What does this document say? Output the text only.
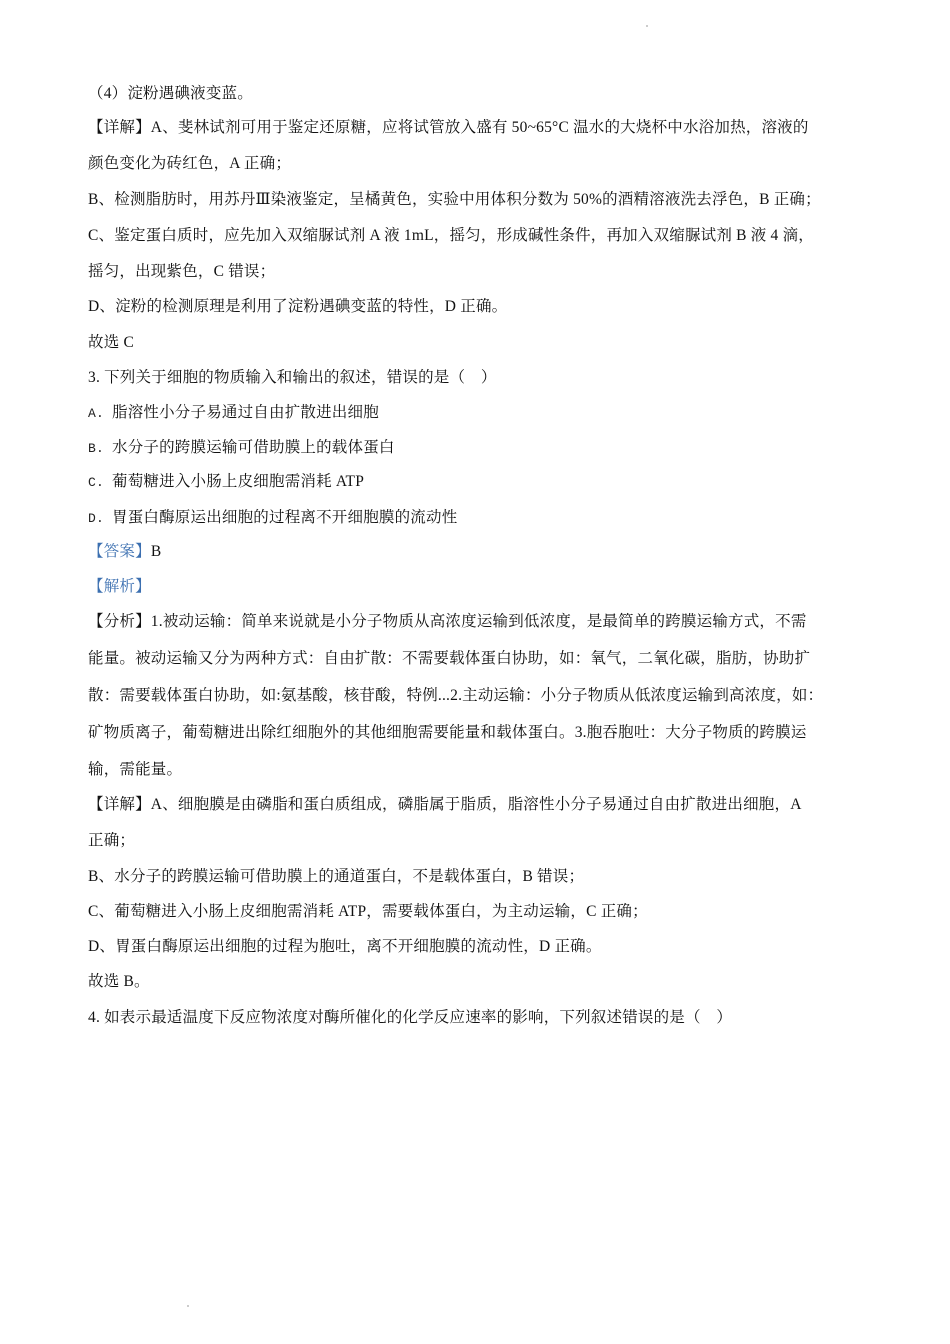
（4）淀粉遇碘液变蓝。
【详解】A、斐林试剂可用于鉴定还原糖，应将试管放入盛有 50~65°C 温水的大烧杯中水浴加热，溶液的
颜色变化为砖红色，A 正确；
B、检测脂肪时，用苏丹Ⅲ染液鉴定，呈橘黄色，实验中用体积分数为 50%的酒精溶液洗去浮色，B 正确；
C、鉴定蛋白质时，应先加入双缩脲试剂 A 液 1mL，摇匀，形成碱性条件，再加入双缩脲试剂 B 液 4 滴，
摇匀，出现紫色，C 错误；
D、淀粉的检测原理是利用了淀粉遇碘变蓝的特性，D 正确。
故选 C
3. 下列关于细胞的物质输入和输出的叙述，错误的是（　）
A. 脂溶性小分子易通过自由扩散进出细胞
B. 水分子的跨膜运输可借助膜上的载体蛋白
C. 葡萄糖进入小肠上皮细胞需消耗 ATP
D. 胃蛋白酶原运出细胞的过程离不开细胞膜的流动性
【答案】B
【解析】
【分析】1.被动运输：简单来说就是小分子物质从高浓度运输到低浓度，是最简单的跨膜运输方式，不需
能量。被动运输又分为两种方式：自由扩散：不需要载体蛋白协助，如：氧气，二氧化碳，脂肪，协助扩
散：需要载体蛋白协助，如:氨基酸，核苷酸，特例...2.主动运输：小分子物质从低浓度运输到高浓度，如：
矿物质离子，葡萄糖进出除红细胞外的其他细胞需要能量和载体蛋白。3.胞吞胞吐：大分子物质的跨膜运
输，需能量。
【详解】A、细胞膜是由磷脂和蛋白质组成，磷脂属于脂质，脂溶性小分子易通过自由扩散进出细胞，A
正确；
B、水分子的跨膜运输可借助膜上的通道蛋白，不是载体蛋白，B 错误；
C、葡萄糖进入小肠上皮细胞需消耗 ATP，需要载体蛋白，为主动运输，C 正确；
D、胃蛋白酶原运出细胞的过程为胞吐，离不开细胞膜的流动性，D 正确。
故选 B。
4. 如表示最适温度下反应物浓度对酶所催化的化学反应速率的影响，下列叙述错误的是（　）
